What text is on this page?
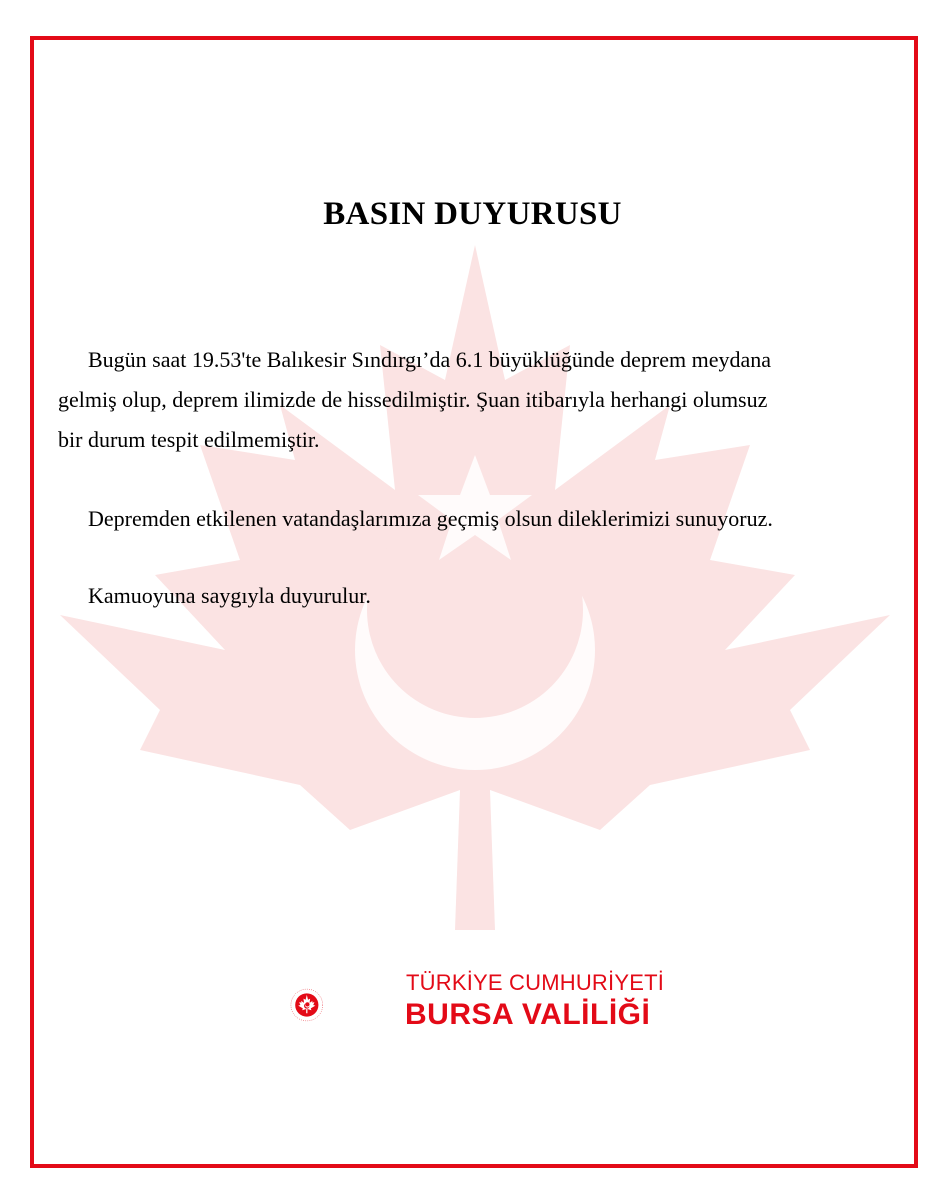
BASIN DUYURUSU
Bugün saat 19.53'te Balıkesir Sındırgı’da 6.1 büyüklüğünde deprem meydana
gelmiş olup, deprem ilimizde de hissedilmiştir. Şuan itibarıyla herhangi olumsuz
bir durum tespit edilmemiştir.
Depremden etkilenen vatandaşlarımıza geçmiş olsun dileklerimizi sunuyoruz.
Kamuoyuna saygıyla duyurulur.

TÜRKİYE CUMHURİYETİ

BURSA VALİLİĞİ
